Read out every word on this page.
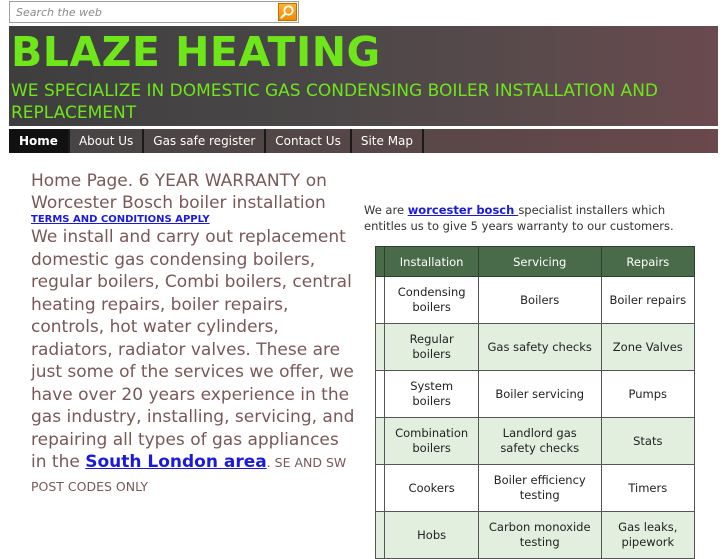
Search the web
BLAZE HEATING

WE SPECIALIZE IN DOMESTIC GAS CONDENSING BOILER INSTALLATION AND REPLACEMENT

Home	About Us	Gas safe register	Contact Us	Site Map

Home Page. 6 YEAR WARRANTY on Worcester Bosch boiler installation

TERMS AND CONDITIONS APPLY

We install and carry out replacement domestic gas condensing boilers, regular boilers, Combi boilers, central heating repairs, boiler repairs, controls, hot water cylinders, radiators, radiator valves. These are just some of the services we offer, we have over 20 years experience in the gas industry, installing, servicing, and repairing all types of gas appliances in the South London area. SE AND SW POST CODES ONLY

We are worcester bosch specialist installers which entitles us to give 5 years warranty to our customers.
	Installation	Servicing	Repairs
	Condensing boilers	Boilers	Boiler repairs
	Regular boilers	Gas safety checks	Zone Valves
	System boilers	Boiler servicing	Pumps
	Combination boilers	Landlord gas safety checks	Stats
	Cookers	Boiler efficiency testing	Timers
	Hobs	Carbon monoxide testing	Gas leaks, pipework
